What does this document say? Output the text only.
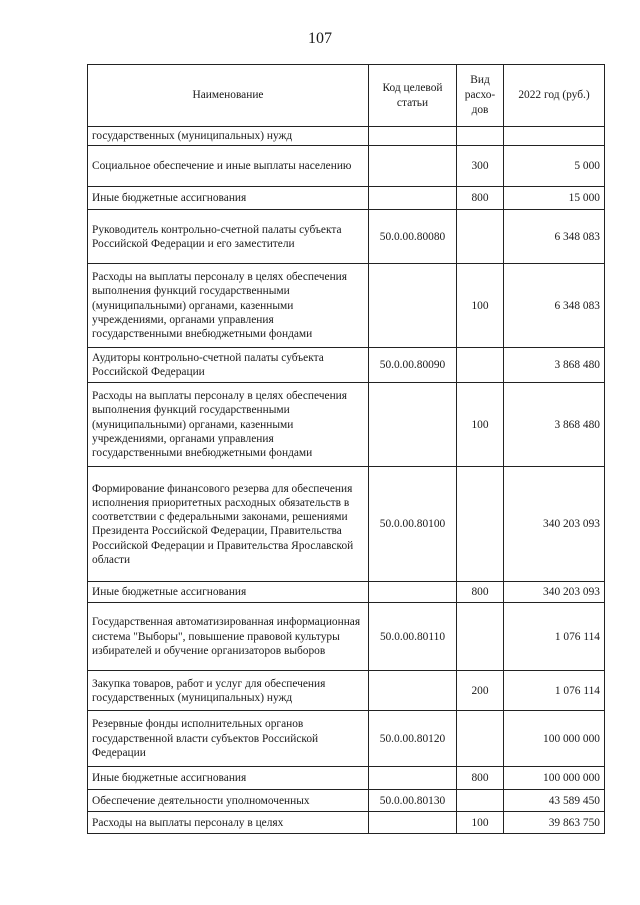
107
Наименование	Код целевой статьи	Вид расхо-дов	2022 год (руб.)
государственных (муниципальных) нужд			
Социальное обеспечение и иные выплаты населению		300	5 000
Иные бюджетные ассигнования		800	15 000
Руководитель контрольно-счетной палаты субъекта Российской Федерации и его заместители	50.0.00.80080		6 348 083
Расходы на выплаты персоналу в целях обеспечения выполнения функций государственными (муниципальными) органами, казенными учреждениями, органами управления государственными внебюджетными фондами		100	6 348 083
Аудиторы контрольно-счетной палаты субъекта Российской Федерации	50.0.00.80090		3 868 480
Расходы на выплаты персоналу в целях обеспечения выполнения функций государственными (муниципальными) органами, казенными учреждениями, органами управления государственными внебюджетными фондами		100	3 868 480
Формирование финансового резерва для обеспечения исполнения приоритетных расходных обязательств в соответствии с федеральными законами, решениями Президента Российской Федерации, Правительства Российской Федерации и Правительства Ярославской области	50.0.00.80100		340 203 093
Иные бюджетные ассигнования		800	340 203 093
Государственная автоматизированная информационная система "Выборы", повышение правовой культуры избирателей и обучение организаторов выборов	50.0.00.80110		1 076 114
Закупка товаров, работ и услуг для обеспечения государственных (муниципальных) нужд		200	1 076 114
Резервные фонды исполнительных органов государственной власти субъектов Российской Федерации	50.0.00.80120		100 000 000
Иные бюджетные ассигнования		800	100 000 000
Обеспечение деятельности уполномоченных	50.0.00.80130		43 589 450
Расходы на выплаты персоналу в целях		100	39 863 750
